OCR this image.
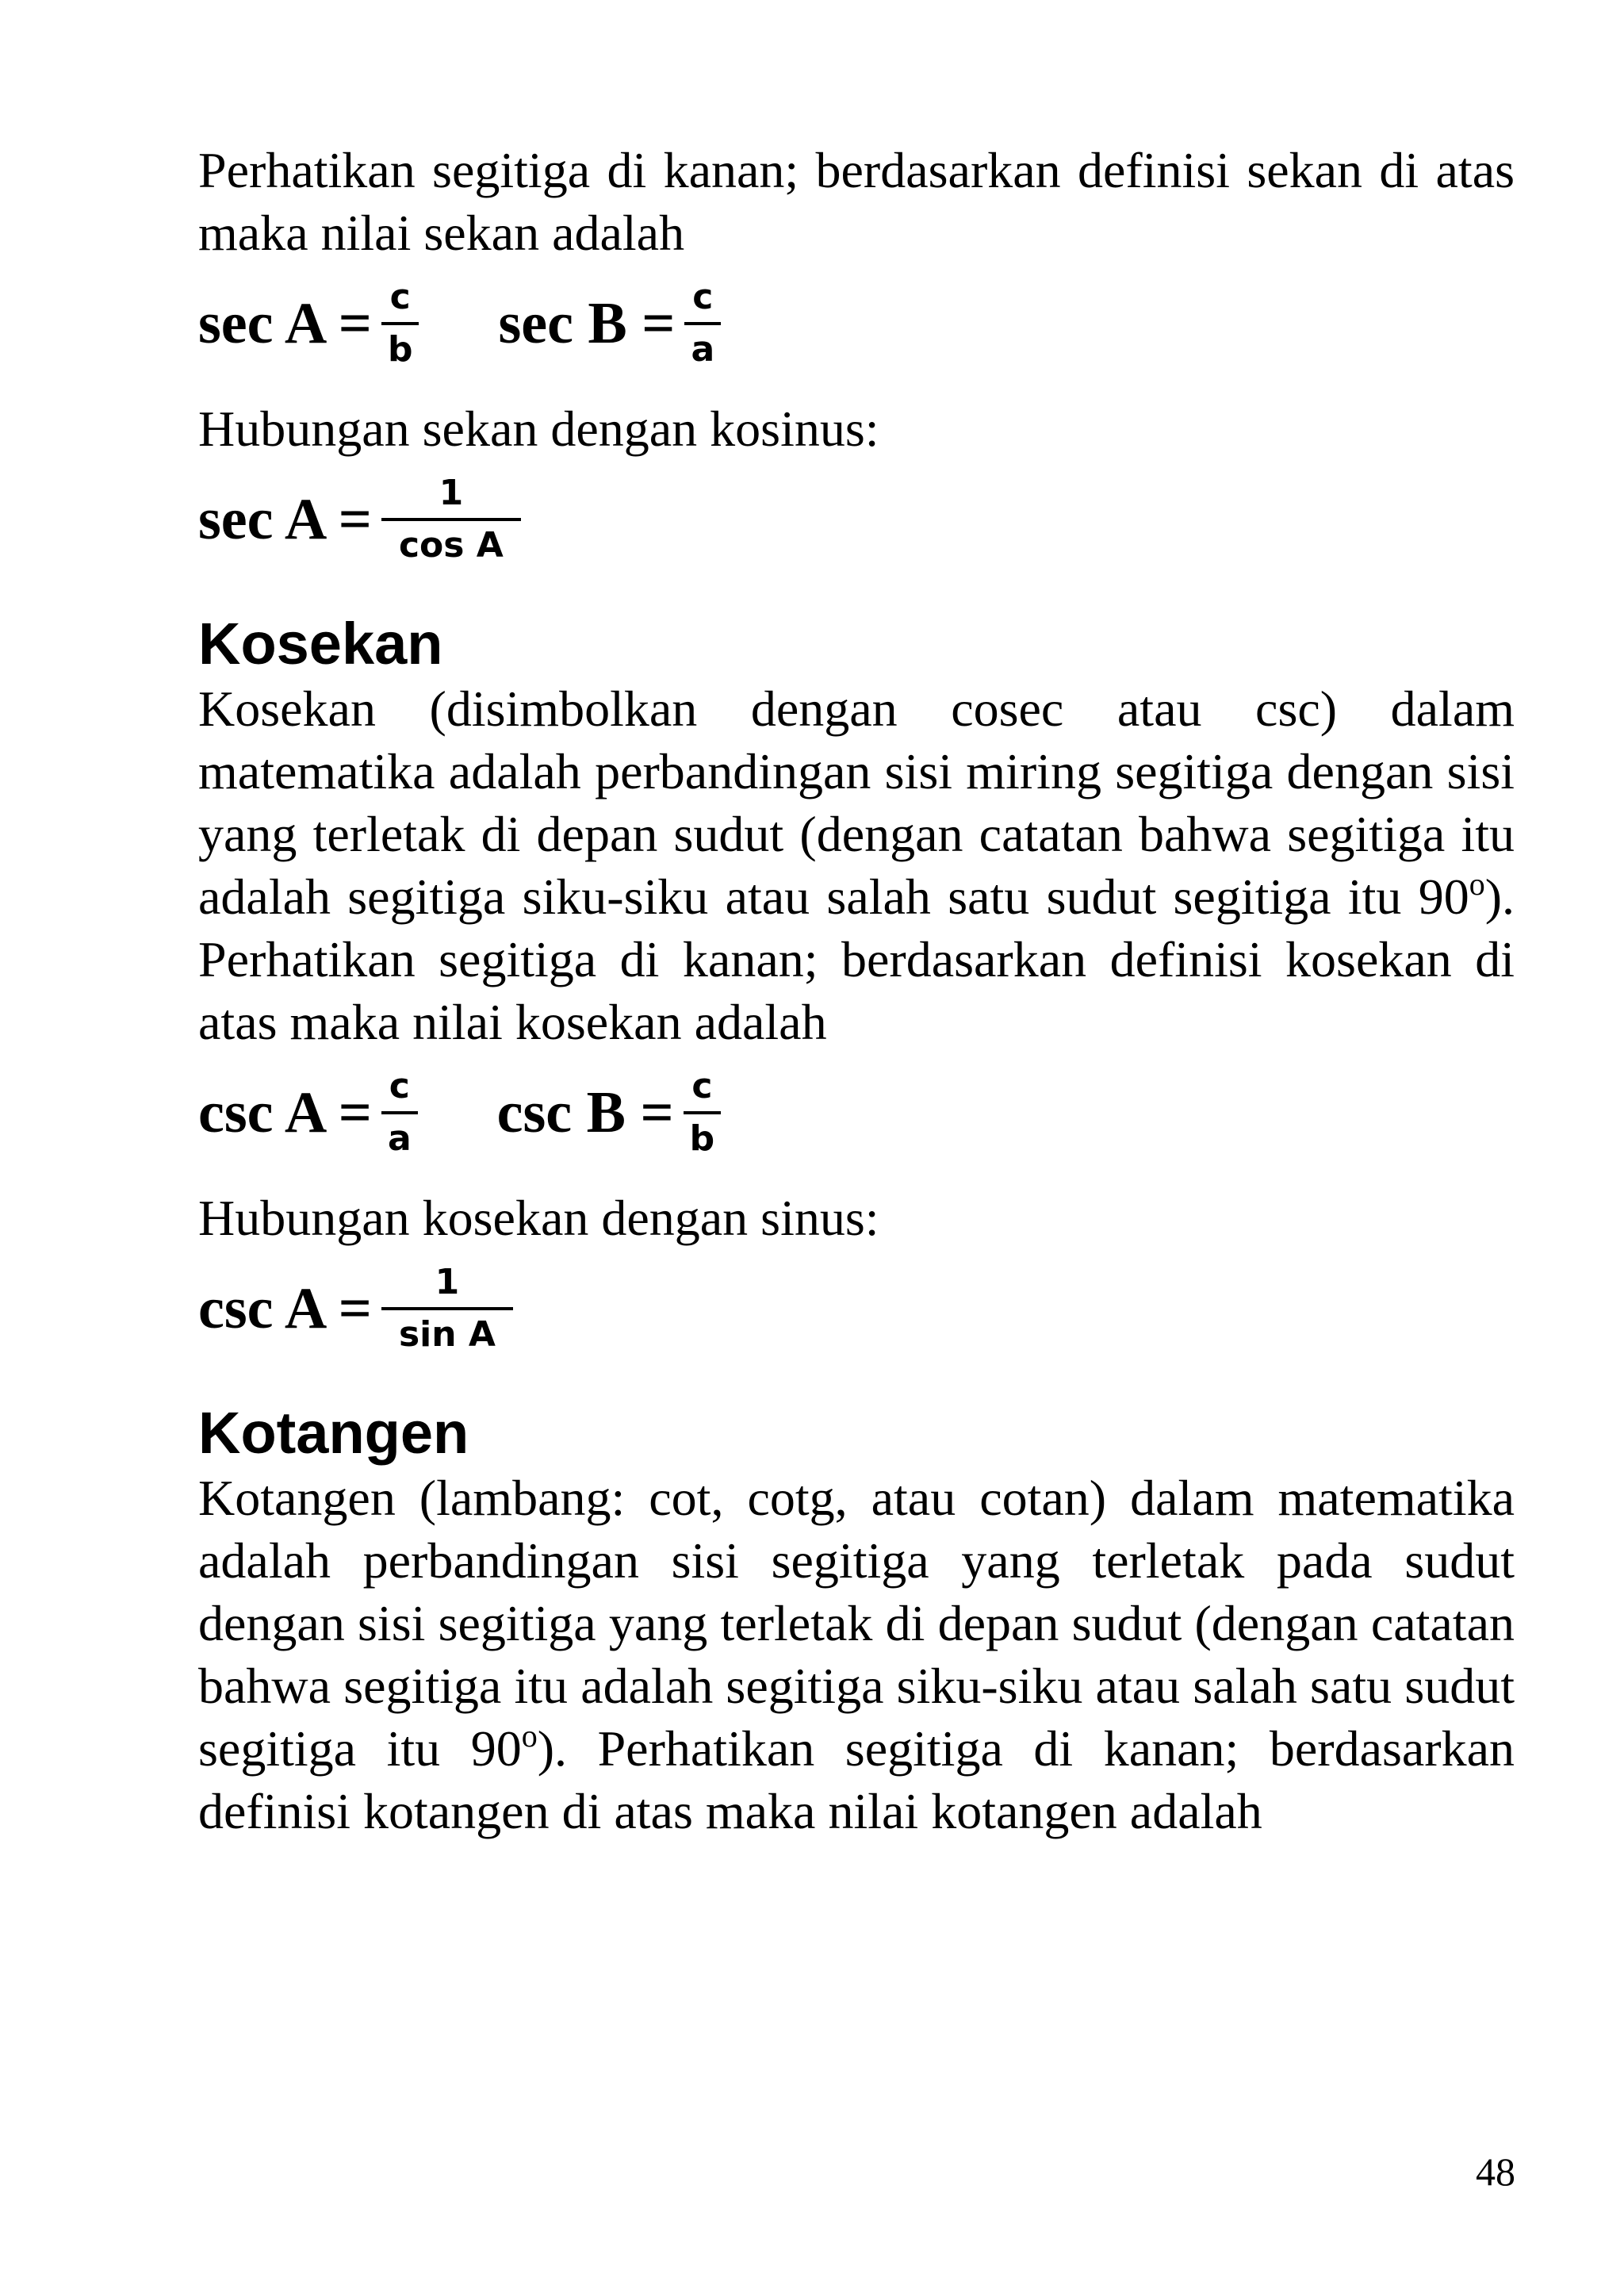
Perhatikan segitiga di kanan; berdasarkan definisi sekan di atas maka nilai sekan adalah

$\sec A = \frac{c}{b}$ $\sec B = \frac{c}{a}$

Hubungan sekan dengan kosinus:

$\sec A = \frac{1}{\text{cos A}}$
Kosekan

Kosekan (disimbolkan dengan cosec atau csc) dalam matematika adalah perbandingan sisi miring segitiga dengan sisi yang terletak di depan sudut (dengan catatan bahwa segitiga itu adalah segitiga siku-siku atau salah satu sudut segitiga itu 90$^o$). Perhatikan segitiga di kanan; berdasarkan definisi kosekan di atas maka nilai kosekan adalah

$\csc A = \frac{c}{a}$ $\csc B = \frac{c}{b}$

Hubungan kosekan dengan sinus:

$\csc A = \frac{1}{\text{sin A}}$
Kotangen

Kotangen (lambang: cot, cotg, atau cotan) dalam matematika adalah perbandingan sisi segitiga yang terletak pada sudut dengan sisi segitiga yang terletak di depan sudut (dengan catatan bahwa segitiga itu adalah segitiga siku-siku atau salah satu sudut segitiga itu 90$^o$). Perhatikan segitiga di kanan; berdasarkan definisi kotangen di atas maka nilai kotangen adalah

48
